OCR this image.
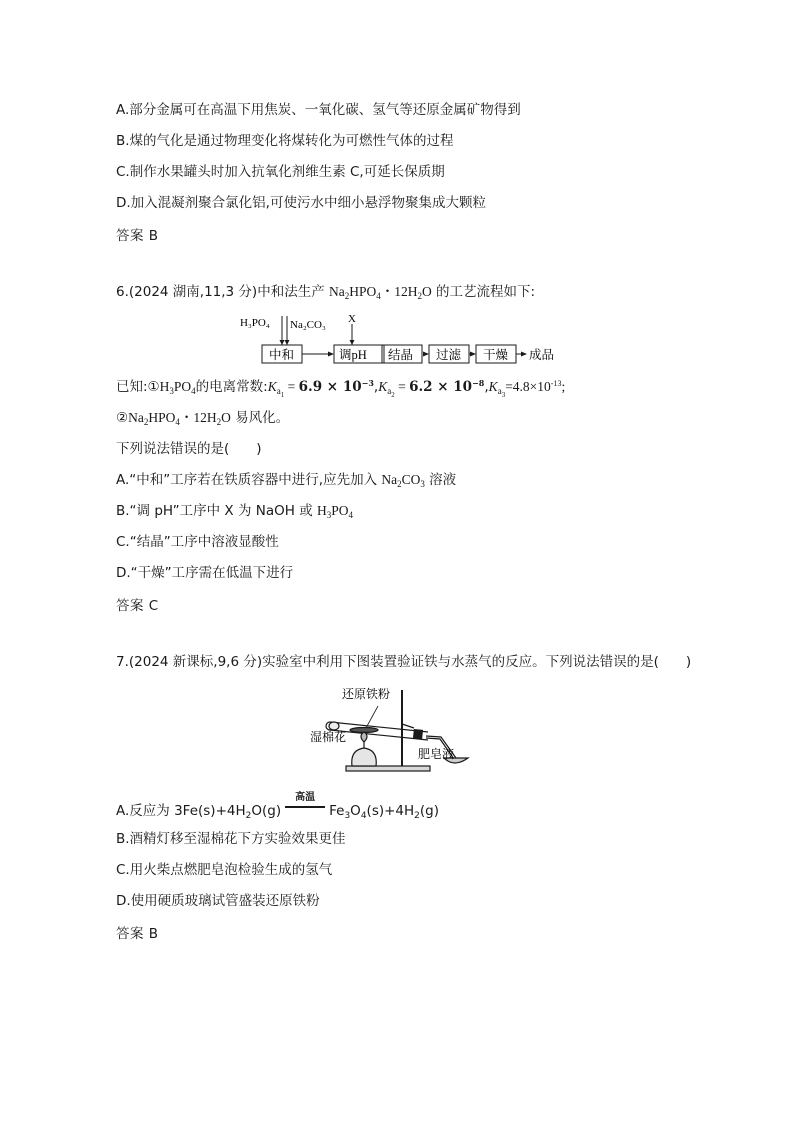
A.部分金属可在高温下用焦炭、一氧化碳、氢气等还原金属矿物得到
B.煤的气化是通过物理变化将煤转化为可燃性气体的过程
C.制作水果罐头时加入抗氧化剂维生素 C,可延长保质期
D.加入混凝剂聚合氯化铝,可使污水中细小悬浮物聚集成大颗粒
答案 B
6.(2024 湖南,11,3 分)中和法生产 $Na_2HPO_4$・$12H_2O$ 的工艺流程如下:
H₃PO₄ Na₂CO₃ X
中和	调pH 结晶 过滤 干燥 成品
已知$:①H_3PO_4$的电离常数$:K_{a_1} = 6.9 \times 10^{-3},K_{a_2} = 6.2 \times 10^{-8},K_{a_3}=4.8\times 10^{-13}$;
$②Na_2HPO_4$・$12H_2O$ 易风化。
下列说法错误的是(　　)
A.“中和”工序若在铁质容器中进行,应先加入 $Na_2CO_3$ 溶液
B.“调 pH”工序中 X 为 NaOH 或 $H_3PO_4$
C.“结晶”工序中溶液显酸性
D.“干燥”工序需在低温下进行
答案 C
7.(2024 新课标,9,6 分)实验室中利用下图装置验证铁与水蒸气的反应。下列说法错误的是(　　)
还原铁粉
湿棉花
肥皂液
A.反应为 $3Fe(s)+4H_2O(g)$
高温
$Fe_3O_4(s)+4H_2(g)$
B.酒精灯移至湿棉花下方实验效果更佳
C.用火柴点燃肥皂泡检验生成的氢气
D.使用硬质玻璃试管盛装还原铁粉
答案 B
